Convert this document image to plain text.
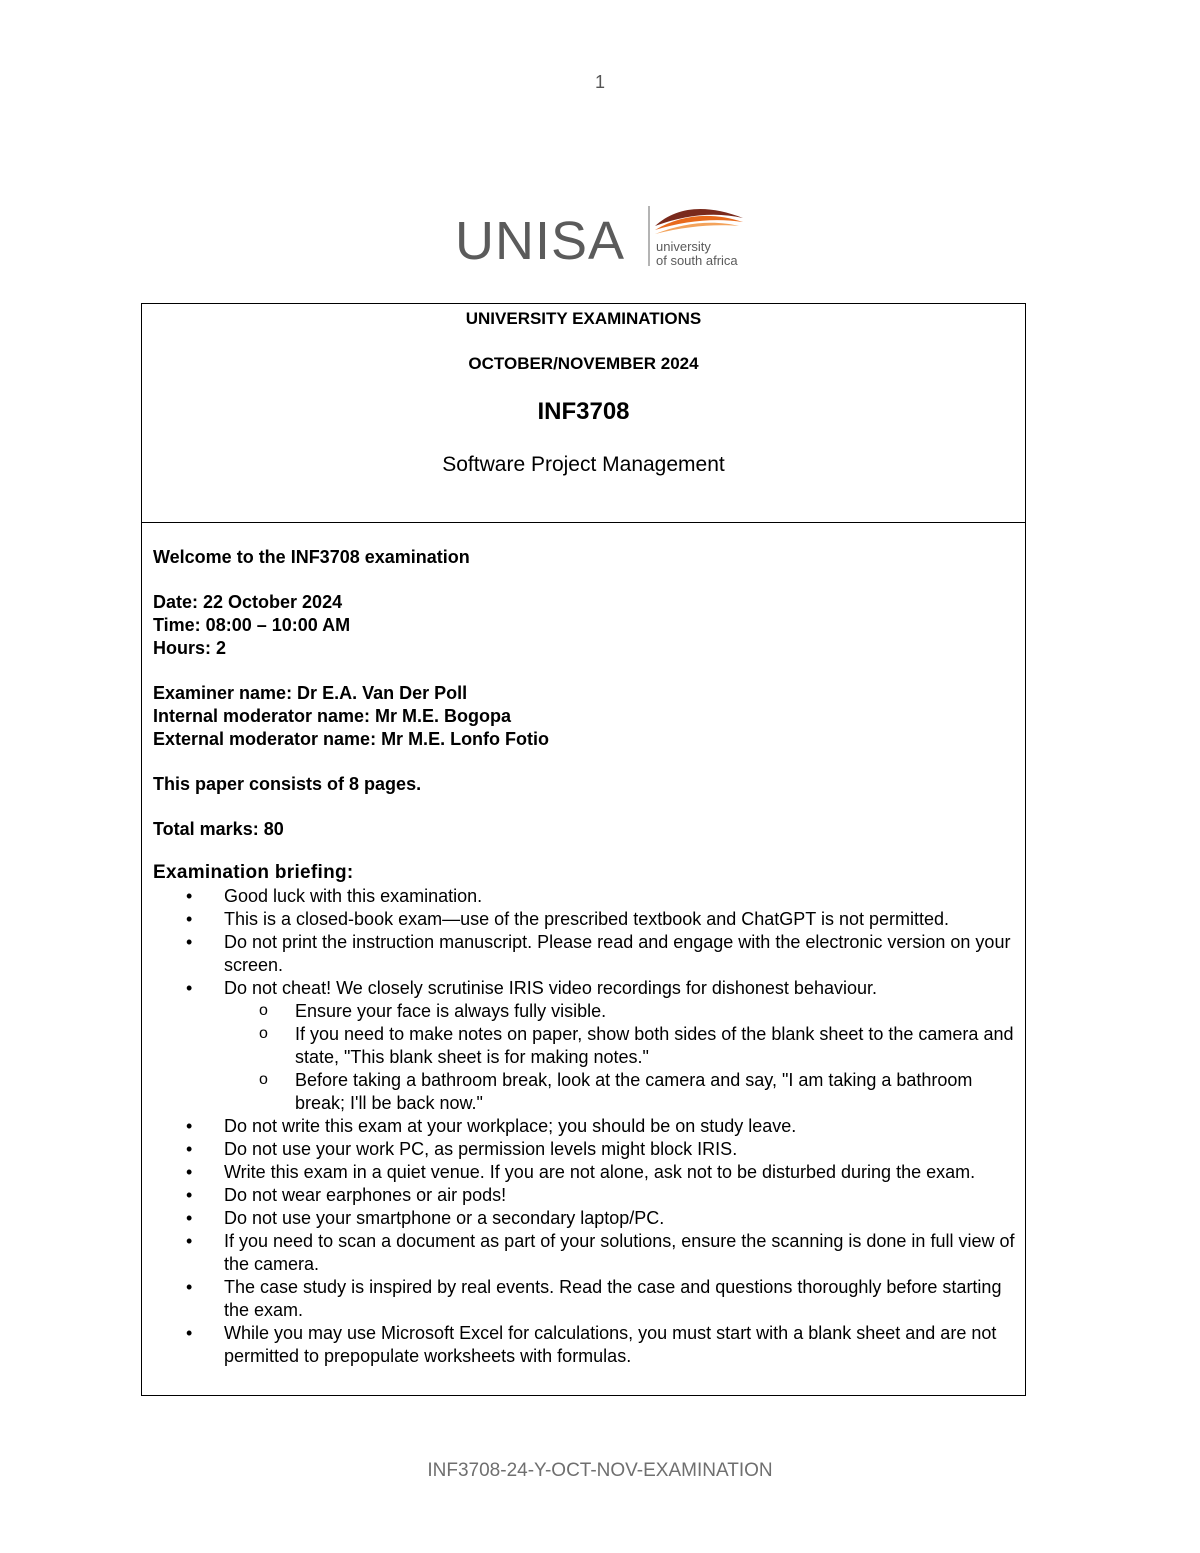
1
UNISA university
of south africa
UNIVERSITY EXAMINATIONS
OCTOBER/NOVEMBER 2024
INF3708
Software Project Management

Welcome to the INF3708 examination

Date: 22 October 2024

Time: 08:00 – 10:00 AM

Hours: 2

Examiner name: Dr E.A. Van Der Poll

Internal moderator name: Mr M.E. Bogopa

External moderator name: Mr M.E. Lonfo Fotio

This paper consists of 8 pages.

Total marks: 80

Examination briefing:

• Good luck with this examination.
• This is a closed-book exam—use of the prescribed textbook and ChatGPT is not permitted.
• Do not print the instruction manuscript. Please read and engage with the electronic version on your screen.
• Do not cheat! We closely scrutinise IRIS video recordings for dishonest behaviour.
o Ensure your face is always fully visible.
o If you need to make notes on paper, show both sides of the blank sheet to the camera and state, "This blank sheet is for making notes."
o Before taking a bathroom break, look at the camera and say, "I am taking a bathroom break; I'll be back now."
• Do not write this exam at your workplace; you should be on study leave.
• Do not use your work PC, as permission levels might block IRIS.
• Write this exam in a quiet venue. If you are not alone, ask not to be disturbed during the exam.
• Do not wear earphones or air pods!
• Do not use your smartphone or a secondary laptop/PC.
• If you need to scan a document as part of your solutions, ensure the scanning is done in full view of the camera.
• The case study is inspired by real events. Read the case and questions thoroughly before starting the exam.
• While you may use Microsoft Excel for calculations, you must start with a blank sheet and are not permitted to prepopulate worksheets with formulas.
INF3708-24-Y-OCT-NOV-EXAMINATION
